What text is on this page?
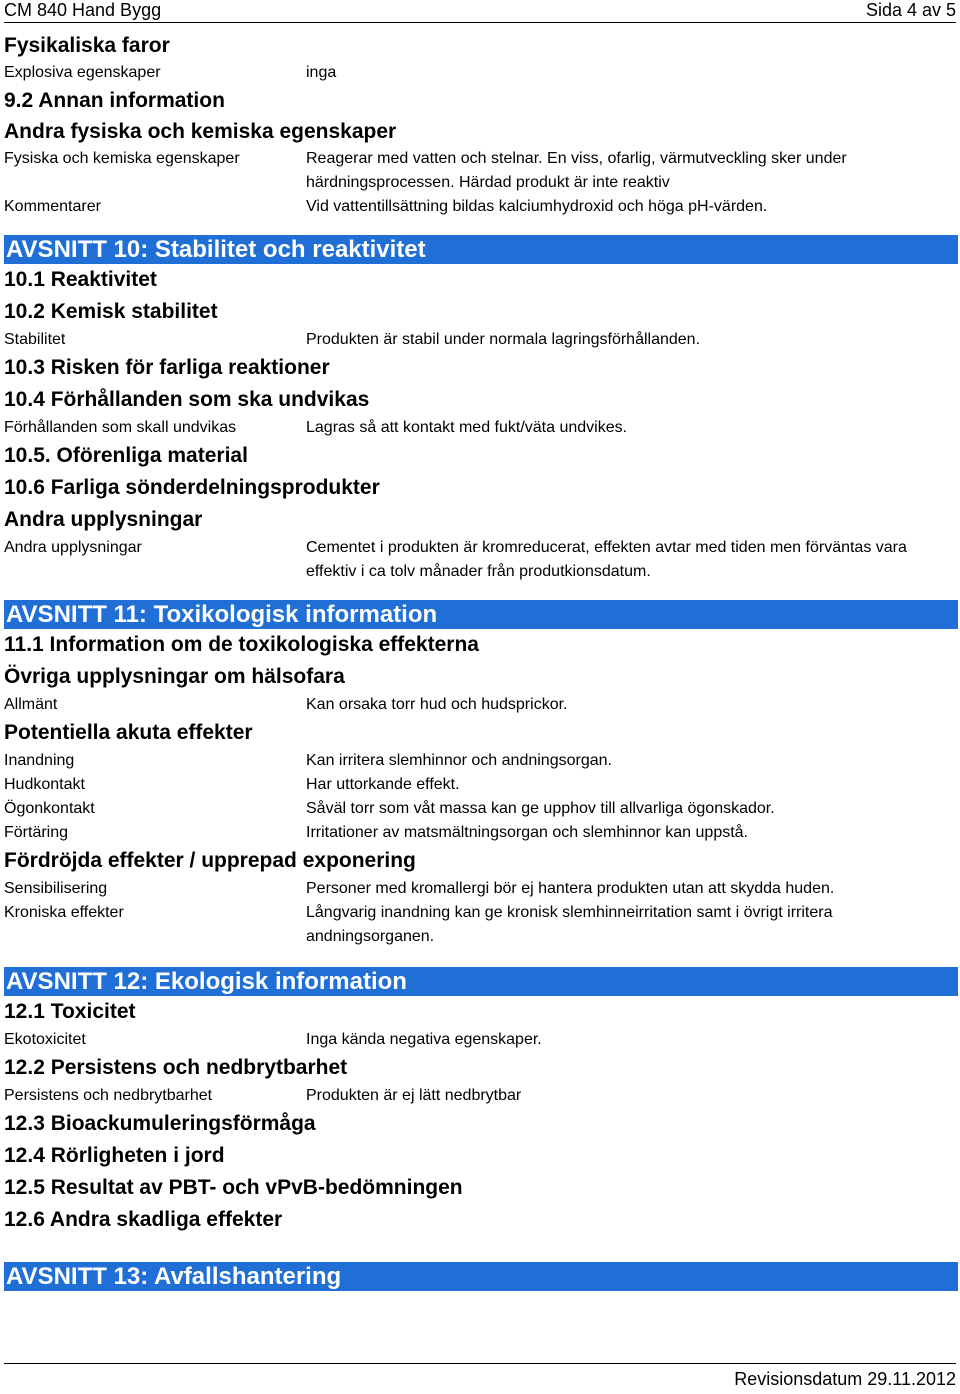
CM 840 Hand Bygg	Sida 4 av 5
Fysikaliska faror
Explosiva egenskaper	inga
9.2 Annan information
Andra fysiska och kemiska egenskaper
Fysiska och kemiska egenskaper	Reagerar med vatten och stelnar. En viss, ofarlig, värmutveckling sker under härdningsprocessen. Härdad produkt är inte reaktiv
Kommentarer	Vid vattentillsättning bildas kalciumhydroxid och höga pH-värden.
AVSNITT 10: Stabilitet och reaktivitet
10.1 Reaktivitet
10.2 Kemisk stabilitet
Stabilitet	Produkten är stabil under normala lagringsförhållanden.
10.3 Risken för farliga reaktioner
10.4 Förhållanden som ska undvikas
Förhållanden som skall undvikas	Lagras så att kontakt med fukt/väta undvikes.
10.5. Oförenliga material
10.6 Farliga sönderdelningsprodukter
Andra upplysningar
Andra upplysningar	Cementet i produkten är kromreducerat, effekten avtar med tiden men förväntas vara effektiv i ca tolv månader från produtkionsdatum.
AVSNITT 11: Toxikologisk information
11.1 Information om de toxikologiska effekterna
Övriga upplysningar om hälsofara
Allmänt	Kan orsaka torr hud och hudsprickor.
Potentiella akuta effekter
Inandning	Kan irritera slemhinnor och andningsorgan.
Hudkontakt	Har uttorkande effekt.
Ögonkontakt	Såväl torr som våt massa kan ge upphov till allvarliga ögonskador.
Förtäring	Irritationer av matsmältningsorgan och slemhinnor kan uppstå.
Fördröjda effekter / upprepad exponering
Sensibilisering	Personer med kromallergi bör ej hantera produkten utan att skydda huden.
Kroniska effekter	Långvarig inandning kan ge kronisk slemhinneirritation samt i övrigt irritera andningsorganen.
AVSNITT 12: Ekologisk information
12.1 Toxicitet
Ekotoxicitet	Inga kända negativa egenskaper.
12.2 Persistens och nedbrytbarhet
Persistens och nedbrytbarhet	Produkten är ej lätt nedbrytbar
12.3 Bioackumuleringsförmåga
12.4 Rörligheten i jord
12.5 Resultat av PBT- och vPvB-bedömningen
12.6 Andra skadliga effekter
AVSNITT 13: Avfallshantering
Revisionsdatum 29.11.2012
